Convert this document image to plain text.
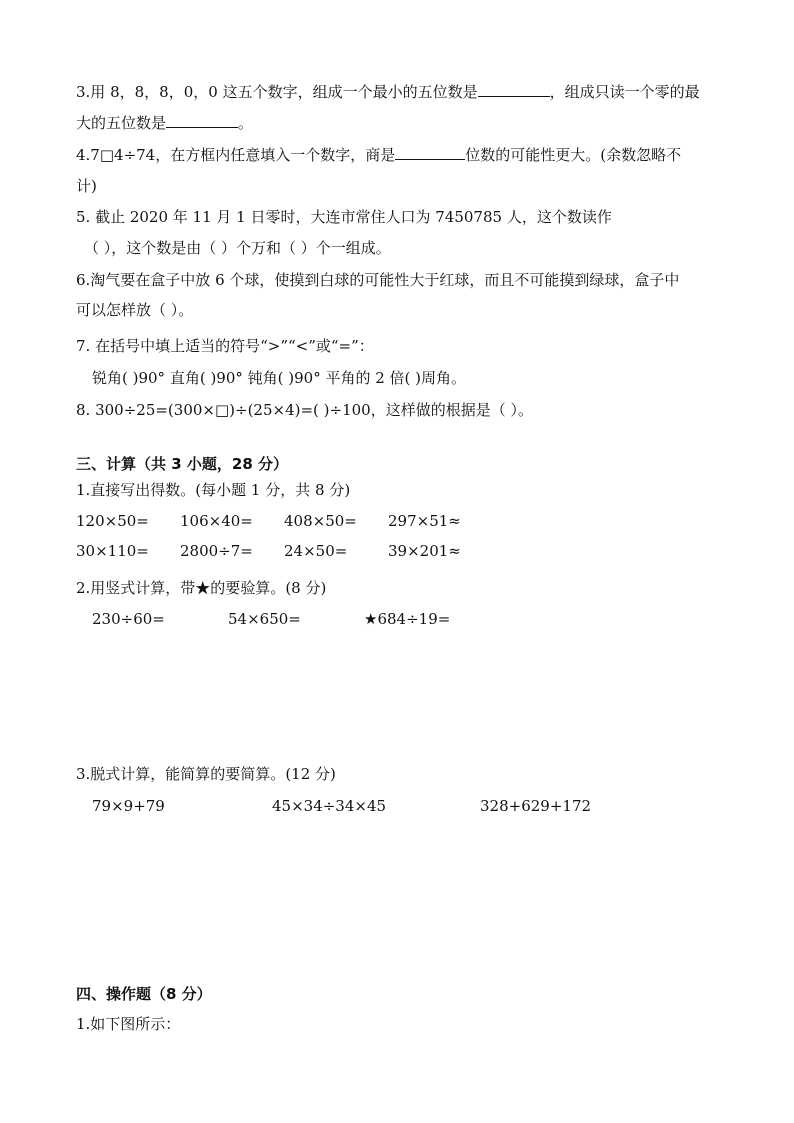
3.用 8，8，8，0，0 这五个数字，组成一个最小的五位数是	，组成只读一个零的最
大的五位数是	。
4.7□4÷74，在方框内任意填入一个数字，商是	位数的可能性更大。(余数忽略不
计)
5. 截止 2020 年 11 月 1 日零时，大连市常住人口为 7450785 人，这个数读作
（ ），这个数是由（ ）个万和（ ）个一组成。
6.淘气要在盒子中放 6 个球，使摸到白球的可能性大于红球，而且不可能摸到绿球，盒子中
可以怎样放（ ）。
7. 在括号中填上适当的符号“>”“<”或“=”：
锐角( )90° 直角( )90° 钝角( )90° 平角的 2 倍( )周角。
8. 300÷25=(300×□)÷(25×4)=( )÷100，这样做的根据是（ ）。
三、计算（共 3 小题，28 分）
1.直接写出得数。(每小题 1 分，共 8 分)
120×50= 106×40= 408×50= 297×51≈
30×110= 2800÷7= 24×50=	39×201≈
2.用竖式计算，带★的要验算。(8 分)
230÷60=	54×650=	★684÷19=
3.脱式计算，能简算的要简算。(12 分)
79×9+79	45×34÷34×45	328+629+172
四、操作题（8 分）
1.如下图所示：
